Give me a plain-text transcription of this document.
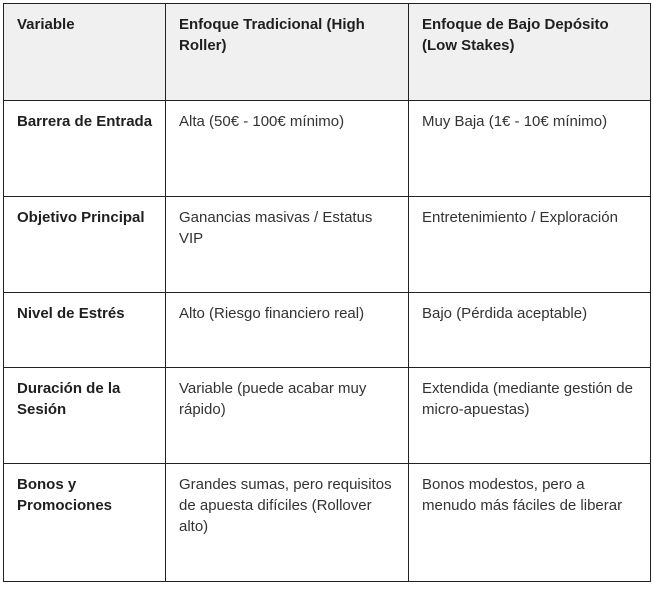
Variable	Enfoque Tradicional (High Roller)	Enfoque de Bajo Depósito (Low Stakes)
Barrera de Entrada	Alta (50€ - 100€ mínimo)	Muy Baja (1€ - 10€ mínimo)
Objetivo Principal	Ganancias masivas / Estatus VIP	Entretenimiento / Exploración
Nivel de Estrés	Alto (Riesgo financiero real)	Bajo (Pérdida aceptable)
Duración de la Sesión	Variable (puede acabar muy rápido)	Extendida (mediante gestión de micro-apuestas)
Bonos y Promociones	Grandes sumas, pero requisitos de apuesta difíciles (Rollover alto)	Bonos modestos, pero a menudo más fáciles de liberar
